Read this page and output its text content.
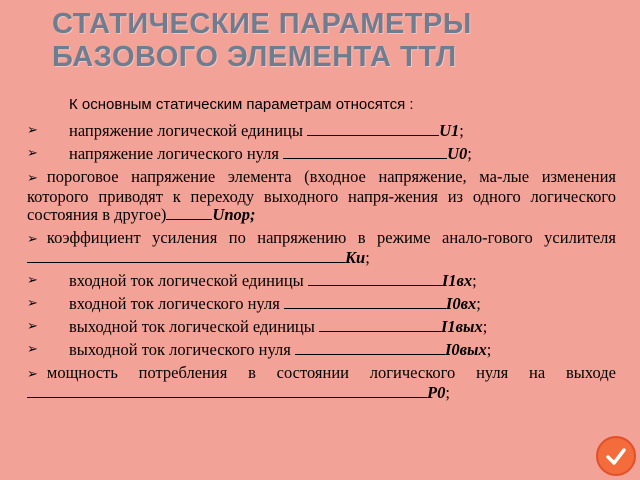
СТАТИЧЕСКИЕ ПАРАМЕТРЫ
БАЗОВОГО ЭЛЕМЕНТА ТТЛ

К основным статическим параметрам относятся :

➢ напряжение логической единицы	U1;
➢ напряжение логического нуля	U0;
➢ пороговое напряжение элемента (входное напряжение, ма-лые изменения которого приводят к переходу выходного напря-жения из одного логического состояния в другое)	Uпор;
➢ коэффициент усиления по напряжению в режиме анало-гового усилителяKu;
➢ входной ток логической единицы	I1вх;
➢ входной ток логического нуля	I0вх;
➢ выходной ток логической единицы	I1вых;
➢ выходной ток логического нуля	I0вых;
➢ мощность потребления в состоянии логического нуля на выходе P0;
